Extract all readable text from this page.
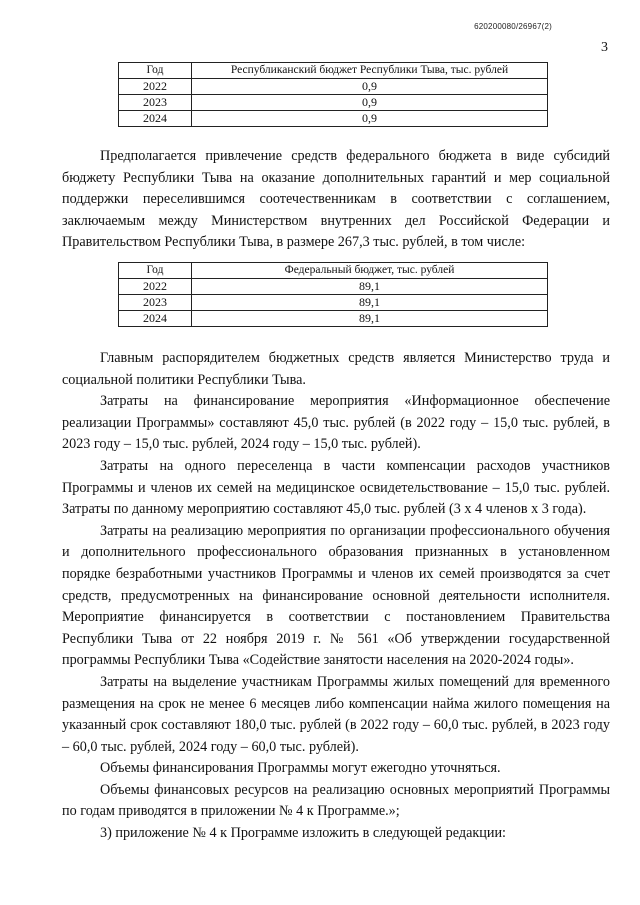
620200080/26967(2)
3
Год	Республиканский бюджет Республики Тыва, тыс. рублей
2022	0,9
2023	0,9
2024	0,9

Предполагается привлечение средств федерального бюджета в виде субсидий бюджету Республики Тыва на оказание дополнительных гарантий и мер социальной поддержки переселившимся соотечественникам в соответствии с соглашением, заключаемым между Министерством внутренних дел Российской Федерации и Правительством Республики Тыва, в размере 267,3 тыс. рублей, в том числе:

Год	Федеральный бюджет, тыс. рублей
2022	89,1
2023	89,1
2024	89,1

Главным распорядителем бюджетных средств является Министерство труда и социальной политики Республики Тыва.

Затраты на финансирование мероприятия «Информационное обеспечение реализации Программы» составляют 45,0 тыс. рублей (в 2022 году – 15,0 тыс. рублей, в 2023 году – 15,0 тыс. рублей, 2024 году – 15,0 тыс. рублей).

Затраты на одного переселенца в части компенсации расходов участников Программы и членов их семей на медицинское освидетельствование – 15,0 тыс. рублей. Затраты по данному мероприятию составляют 45,0 тыс. рублей (3 х 4 членов х 3 года).

Затраты на реализацию мероприятия по организации профессионального обучения и дополнительного профессионального образования признанных в установленном порядке безработными участников Программы и членов их семей производятся за счет средств, предусмотренных на финансирование основной деятельности исполнителя. Мероприятие финансируется в соответствии с постановлением Правительства Республики Тыва от 22 ноября 2019 г. № 561 «Об утверждении государственной программы Республики Тыва «Содействие занятости населения на 2020-2024 годы».

Затраты на выделение участникам Программы жилых помещений для временного размещения на срок не менее 6 месяцев либо компенсации найма жилого помещения на указанный срок составляют 180,0 тыс. рублей (в 2022 году – 60,0 тыс. рублей, в 2023 году – 60,0 тыс. рублей, 2024 году – 60,0 тыс. рублей).

Объемы финансирования Программы могут ежегодно уточняться.

Объемы финансовых ресурсов на реализацию основных мероприятий Программы по годам приводятся в приложении № 4 к Программе.»;

3) приложение № 4 к Программе изложить в следующей редакции:
